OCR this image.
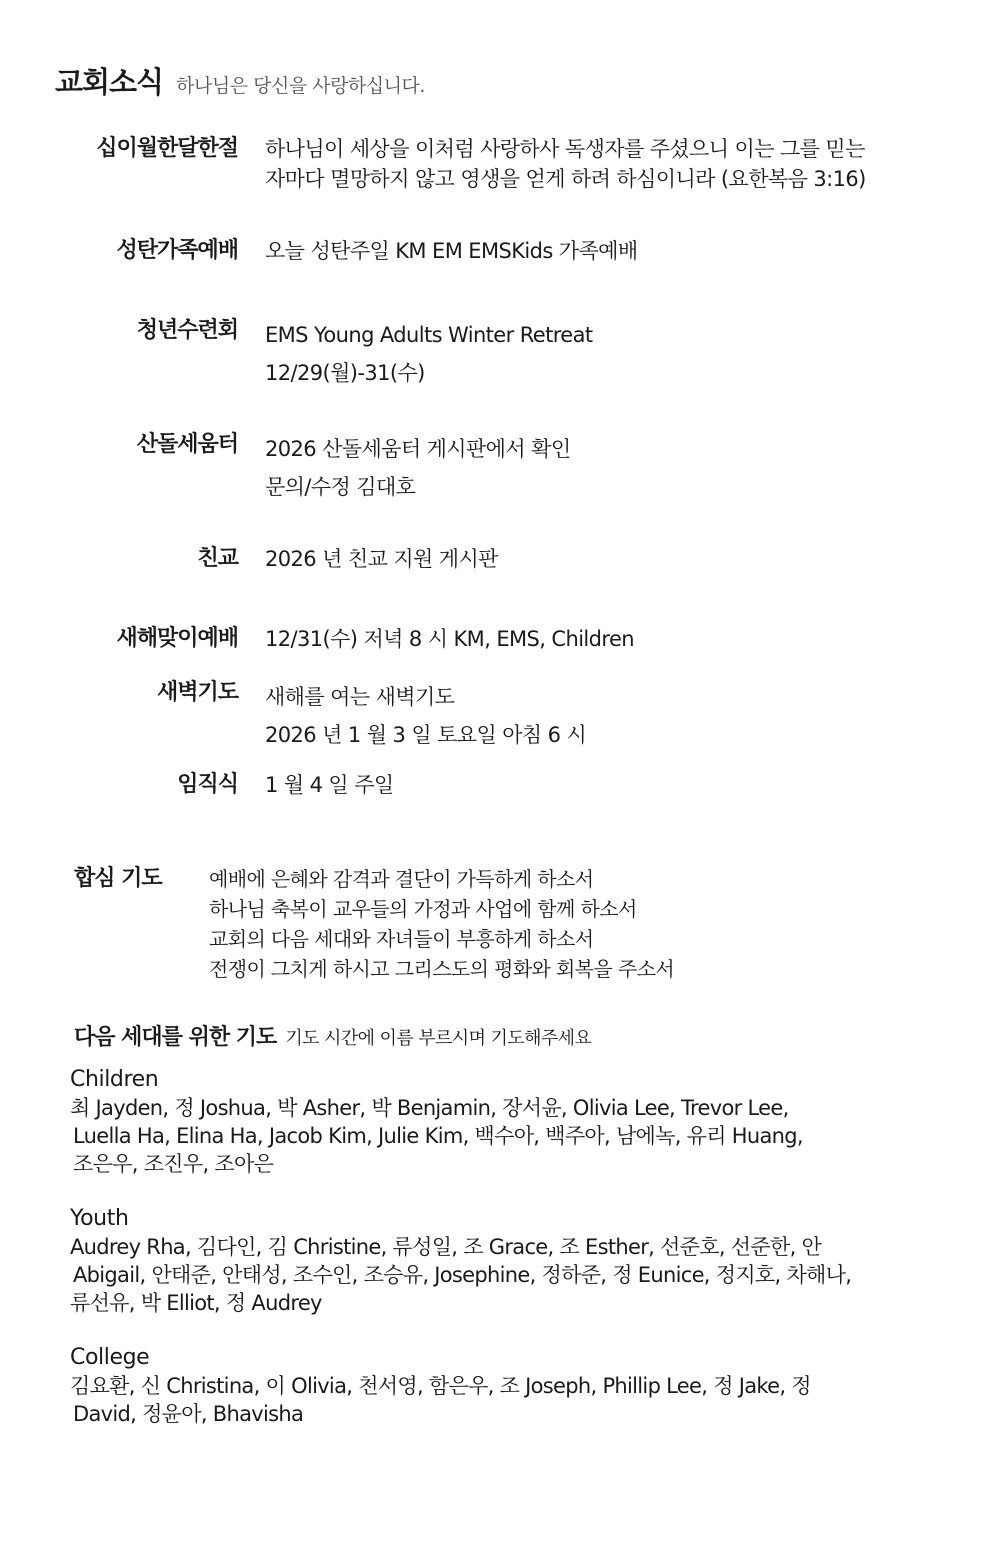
교회소식 하나님은 당신을 사랑하십니다.
십이월한달한절 하나님이 세상을 이처럼 사랑하사 독생자를 주셨으니 이는 그를 믿는
자마다 멸망하지 않고 영생을 얻게 하려 하심이니라 (요한복음 3:16)
성탄가족예배 오늘 성탄주일 KM EM EMSKids 가족예배
청년수련회 EMS Young Adults Winter Retreat
12/29(월)-31(수)
산돌세움터 2026 산돌세움터 게시판에서 확인
문의/수정 김대호
친교 2026 년 친교 지원 게시판
새해맞이예배 12/31(수) 저녁 8 시 KM, EMS, Children
새벽기도 새해를 여는 새벽기도
2026 년 1 월 3 일 토요일 아침 6 시
임직식 1 월 4 일 주일
합심 기도	예배에 은혜와 감격과 결단이 가득하게 하소서
하나님 축복이 교우들의 가정과 사업에 함께 하소서
교회의 다음 세대와 자녀들이 부흥하게 하소서
전쟁이 그치게 하시고 그리스도의 평화와 회복을 주소서
다음 세대를 위한 기도 기도 시간에 이름 부르시며 기도해주세요
Children
최 Jayden, 정 Joshua, 박 Asher, 박 Benjamin, 장서윤, Olivia Lee, Trevor Lee,
Luella Ha, Elina Ha, Jacob Kim, Julie Kim, 백수아, 백주아, 남에녹, 유리 Huang,
조은우, 조진우, 조아은
Youth
Audrey Rha, 김다인, 김 Christine, 류성일, 조 Grace, 조 Esther, 선준호, 선준한, 안
Abigail, 안태준, 안태성, 조수인, 조승유, Josephine, 정하준, 정 Eunice, 정지호, 차해나,
류선유, 박 Elliot, 정 Audrey
College
김요환, 신 Christina, 이 Olivia, 천서영, 함은우, 조 Joseph, Phillip Lee, 정 Jake, 정
David, 정윤아, Bhavisha
